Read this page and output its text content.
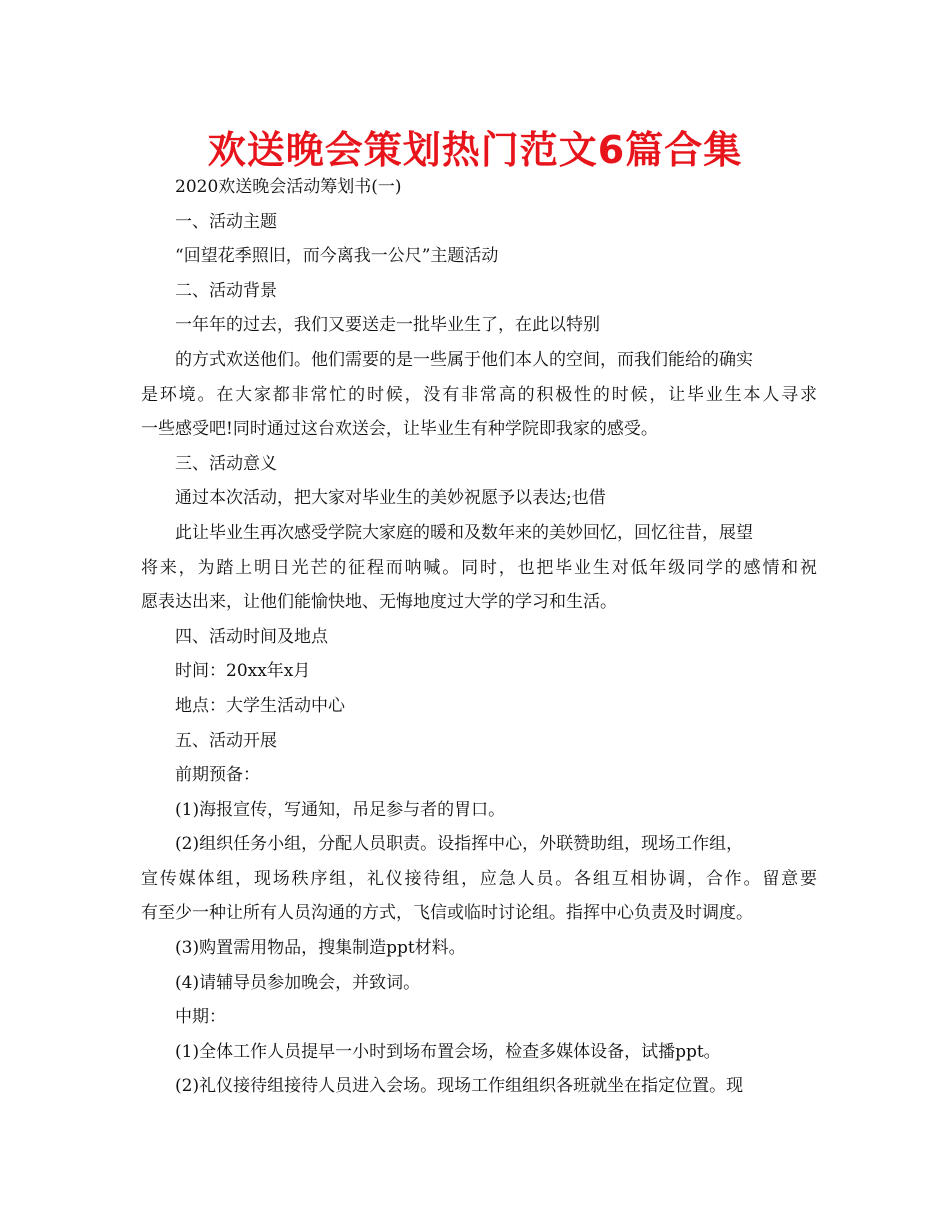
欢送晚会策划热门范文6篇合集
2020欢送晚会活动筹划书(一)
一、活动主题
“回望花季照旧，而今离我一公尺”主题活动
二、活动背景
一年年的过去，我们又要送走一批毕业生了，在此以特别
的方式欢送他们。他们需要的是一些属于他们本人的空间，而我们能给的确实
是环境。在大家都非常忙的时候，没有非常高的积极性的时候，让毕业生本人寻求
一些感受吧!同时通过这台欢送会，让毕业生有种学院即我家的感受。
三、活动意义
通过本次活动，把大家对毕业生的美妙祝愿予以表达;也借
此让毕业生再次感受学院大家庭的暖和及数年来的美妙回忆，回忆往昔，展望
将来，为踏上明日光芒的征程而呐喊。同时，也把毕业生对低年级同学的感情和祝
愿表达出来，让他们能愉快地、无悔地度过大学的学习和生活。
四、活动时间及地点
时间：20xx年x月
地点：大学生活动中心
五、活动开展
前期预备：
(1)海报宣传，写通知，吊足参与者的胃口。
(2)组织任务小组，分配人员职责。设指挥中心，外联赞助组，现场工作组，
宣传媒体组，现场秩序组，礼仪接待组，应急人员。各组互相协调，合作。留意要
有至少一种让所有人员沟通的方式，飞信或临时讨论组。指挥中心负责及时调度。
(3)购置需用物品，搜集制造ppt材料。
(4)请辅导员参加晚会，并致词。
中期：
(1)全体工作人员提早一小时到场布置会场，检查多媒体设备，试播ppt。
(2)礼仪接待组接待人员进入会场。现场工作组组织各班就坐在指定位置。现
